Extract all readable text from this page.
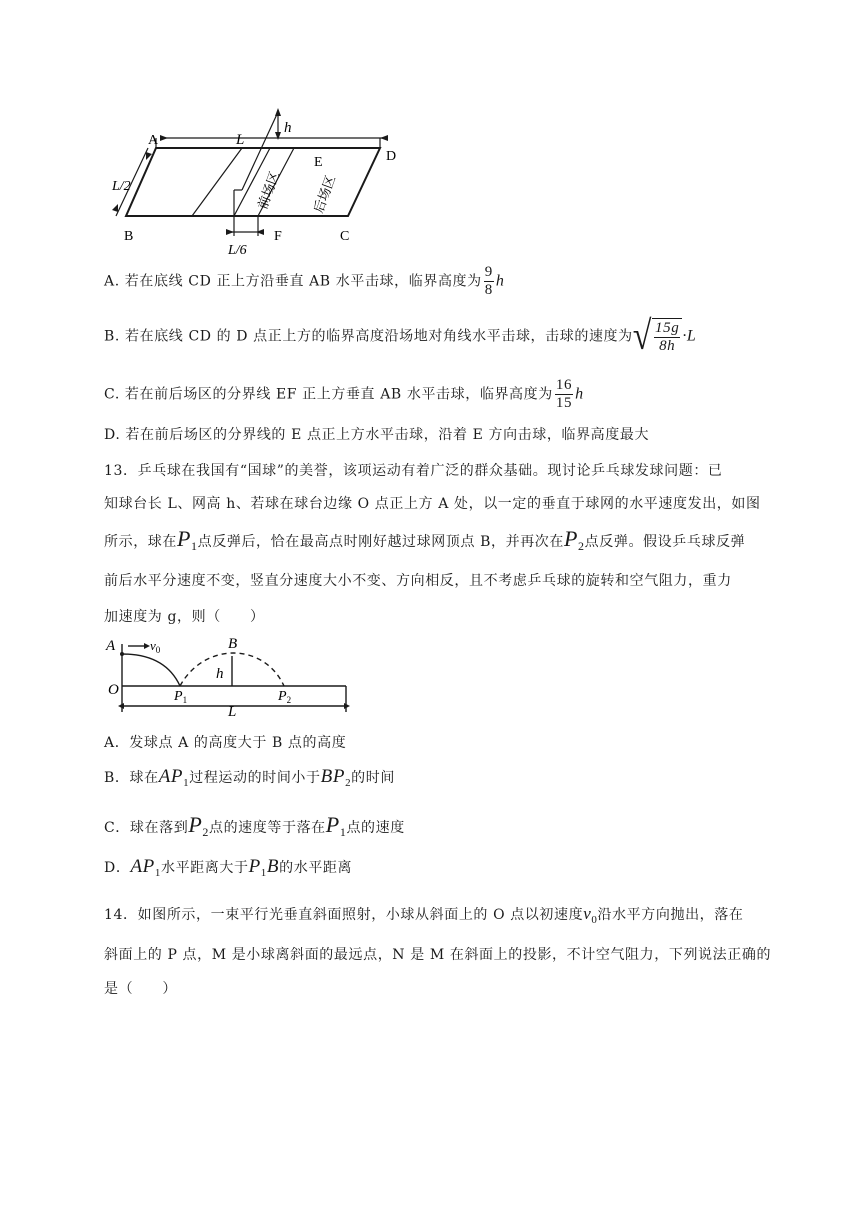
A	L
h
D
E
L/2
B	F	C
L/6
前场区 后场区
A. 若在底线 CD 正上方沿垂直 AB 水平击球，临界高度为 $\frac{9}{8}$ h
B. 若在底线 CD 的 D 点正上方的临界高度沿场地对角线水平击球，击球的速度为 √ $\frac{15g}{8h} \cdot L$
C. 若在前后场区的分界线 EF 正上方垂直 AB 水平击球，临界高度为 $\frac{16}{15}$ h
D. 若在前后场区的分界线的 E 点正上方水平击球，沿着 E 方向击球，临界高度最大
13．乒乓球在我国有“国球”的美誉，该项运动有着广泛的群众基础。现讨论乒乓球发球问题：已
知球台长 L、网高 h、若球在球台边缘 O 点正上方 A 处，以一定的垂直于球网的水平速度发出，如图
所示，球在$P_1$点反弹后，恰在最高点时刚好越过球网顶点 B，并再次在$P_2$点反弹。假设乒乓球反弹
前后水平分速度不变，竖直分速度大小不变、方向相反，且不考虑乒乓球的旋转和空气阻力，重力
加速度为 g，则（　　）
A	$v_0$	B
h
O	$P_1$	$P_2$
L
A．发球点 A 的高度大于 B 点的高度
B．球在$AP_1$过程运动的时间小于$BP_2$的时间
C．球在落到$P_2$点的速度等于落在$P_1$点的速度
D．$AP_1$水平距离大于$P_1B$的水平距离
14．如图所示，一束平行光垂直斜面照射，小球从斜面上的 O 点以初速度$v_0$沿水平方向抛出，落在
斜面上的 P 点，M 是小球离斜面的最远点，N 是 M 在斜面上的投影，不计空气阻力，下列说法正确的
是（　　）
